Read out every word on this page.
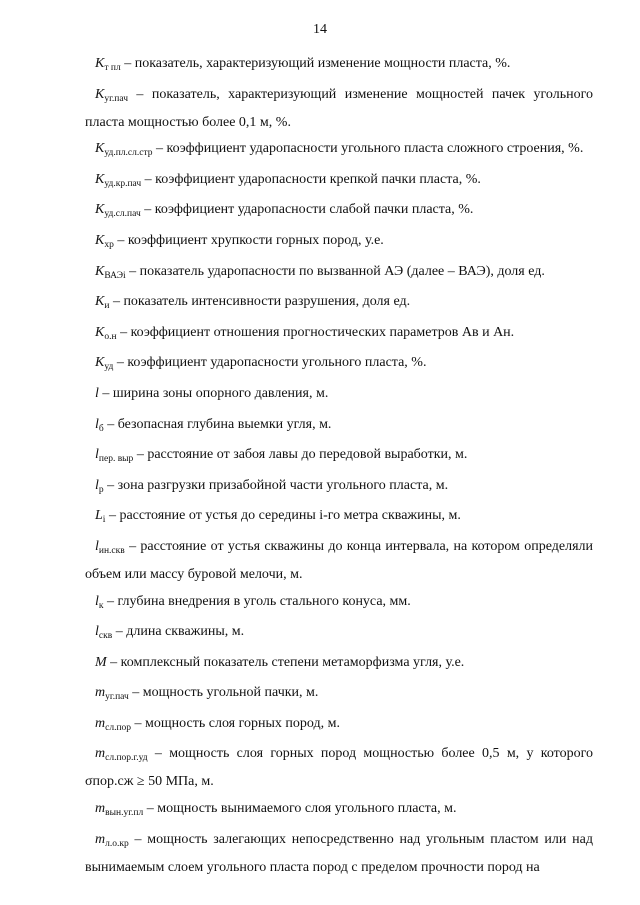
14

$K_{т пл}$ – показатель, характеризующий изменение мощности пласта, %.

$K_{уг.пач}$ – показатель, характеризующий изменение мощностей пачек угольного пласта мощностью более 0,1 м, %.

$K_{уд.пл.сл.стр}$ – коэффициент ударопасности угольного пласта сложного строения, %.

$K_{уд.кр.пач}$ – коэффициент ударопасности крепкой пачки пласта, %.

$K_{уд.сл.пач}$ – коэффициент ударопасности слабой пачки пласта, %.

$K_{хр}$ – коэффициент хрупкости горных пород, у.е.

$K_{ВАЭi}$ – показатель ударопасности по вызванной АЭ (далее – ВАЭ), доля ед.

$K_и$ – показатель интенсивности разрушения, доля ед.

$K_{о.н}$ – коэффициент отношения прогностических параметров Aв и Aн.

$K_{уд}$ – коэффициент ударопасности угольного пласта, %.

l – ширина зоны опорного давления, м.

$l_б$ – безопасная глубина выемки угля, м.

$l_{пер. выр}$ – расстояние от забоя лавы до передовой выработки, м.

$l_р$ – зона разгрузки призабойной части угольного пласта, м.

$L_i$ – расстояние от устья до середины i-го метра скважины, м.

$l_{ин.скв}$ – расстояние от устья скважины до конца интервала, на котором определяли объем или массу буровой мелочи, м.

$l_к$ – глубина внедрения в уголь стального конуса, мм.

$l_{скв}$ – длина скважины, м.

M – комплексный показатель степени метаморфизма угля, у.е.

$m_{уг.пач}$ – мощность угольной пачки, м.

$m_{сл.пор}$ – мощность слоя горных пород, м.

$m_{сл.пор.г.уд}$ – мощность слоя горных пород мощностью более 0,5 м, у которого σпор.сж ≥ 50 МПа, м.

$m_{вын.уг.пл}$ – мощность вынимаемого слоя угольного пласта, м.

$m_{л.о.кр}$ – мощность залегающих непосредственно над угольным пластом или над вынимаемым слоем угольного пласта пород с пределом прочности пород на
